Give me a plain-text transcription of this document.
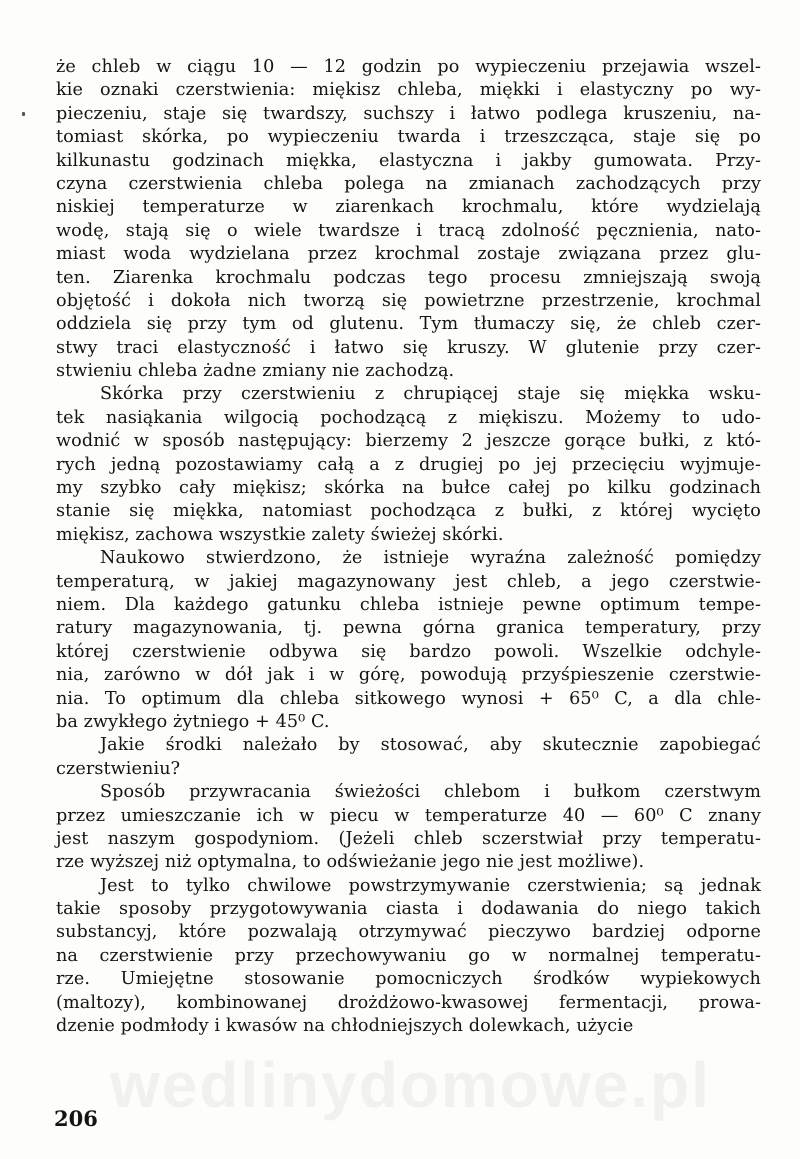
że chleb w ciągu 10 — 12 godzin po wypieczeniu przejawia wszel-
kie oznaki czerstwienia: miękisz chleba, miękki i elastyczny po wy-
pieczeniu, staje się twardszy, suchszy i łatwo podlega kruszeniu, na-
tomiast skórka, po wypieczeniu twarda i trzeszcząca, staje się po
kilkunastu godzinach miękka, elastyczna i jakby gumowata. Przy-
czyna czerstwienia chleba polega na zmianach zachodzących przy
niskiej temperaturze w ziarenkach krochmalu, które wydzielają
wodę, stają się o wiele twardsze i tracą zdolność pęcznienia, nato-
miast woda wydzielana przez krochmal zostaje związana przez glu-
ten. Ziarenka krochmalu podczas tego procesu zmniejszają swoją
objętość i dokoła nich tworzą się powietrzne przestrzenie, krochmal
oddziela się przy tym od glutenu. Tym tłumaczy się, że chleb czer-
stwy traci elastyczność i łatwo się kruszy. W glutenie przy czer-
stwieniu chleba żadne zmiany nie zachodzą.
Skórka przy czerstwieniu z chrupiącej staje się miękka wsku-
tek nasiąkania wilgocią pochodzącą z miękiszu. Możemy to udo-
wodnić w sposób następujący: bierzemy 2 jeszcze gorące bułki, z któ-
rych jedną pozostawiamy całą a z drugiej po jej przecięciu wyjmuje-
my szybko cały miękisz; skórka na bułce całej po kilku godzinach
stanie się miękka, natomiast pochodząca z bułki, z której wycięto
miękisz, zachowa wszystkie zalety świeżej skórki.
Naukowo stwierdzono, że istnieje wyraźna zależność pomiędzy
temperaturą, w jakiej magazynowany jest chleb, a jego czerstwie-
niem. Dla każdego gatunku chleba istnieje pewne optimum tempe-
ratury magazynowania, tj. pewna górna granica temperatury, przy
której czerstwienie odbywa się bardzo powoli. Wszelkie odchyle-
nia, zarówno w dół jak i w górę, powodują przyśpieszenie czerstwie-
nia. To optimum dla chleba sitkowego wynosi + 65⁰ C, a dla chle-
ba zwykłego żytniego + 45⁰ C.
Jakie środki należało by stosować, aby skutecznie zapobiegać
czerstwieniu?
Sposób przywracania świeżości chlebom i bułkom czerstwym
przez umieszczanie ich w piecu w temperaturze 40 — 60⁰ C znany
jest naszym gospodyniom. (Jeżeli chleb sczerstwiał przy temperatu-
rze wyższej niż optymalna, to odświeżanie jego nie jest możliwe).
Jest to tylko chwilowe powstrzymywanie czerstwienia; są jednak
takie sposoby przygotowywania ciasta i dodawania do niego takich
substancyj, które pozwalają otrzymywać pieczywo bardziej odporne
na czerstwienie przy przechowywaniu go w normalnej temperatu-
rze. Umiejętne stosowanie pomocniczych środków wypiekowych
(maltozy), kombinowanej drożdżowo-kwasowej fermentacji, prowa-
dzenie podmłody i kwasów na chłodniejszych dolewkach, użycie
wedlinydomowe.pl
206
